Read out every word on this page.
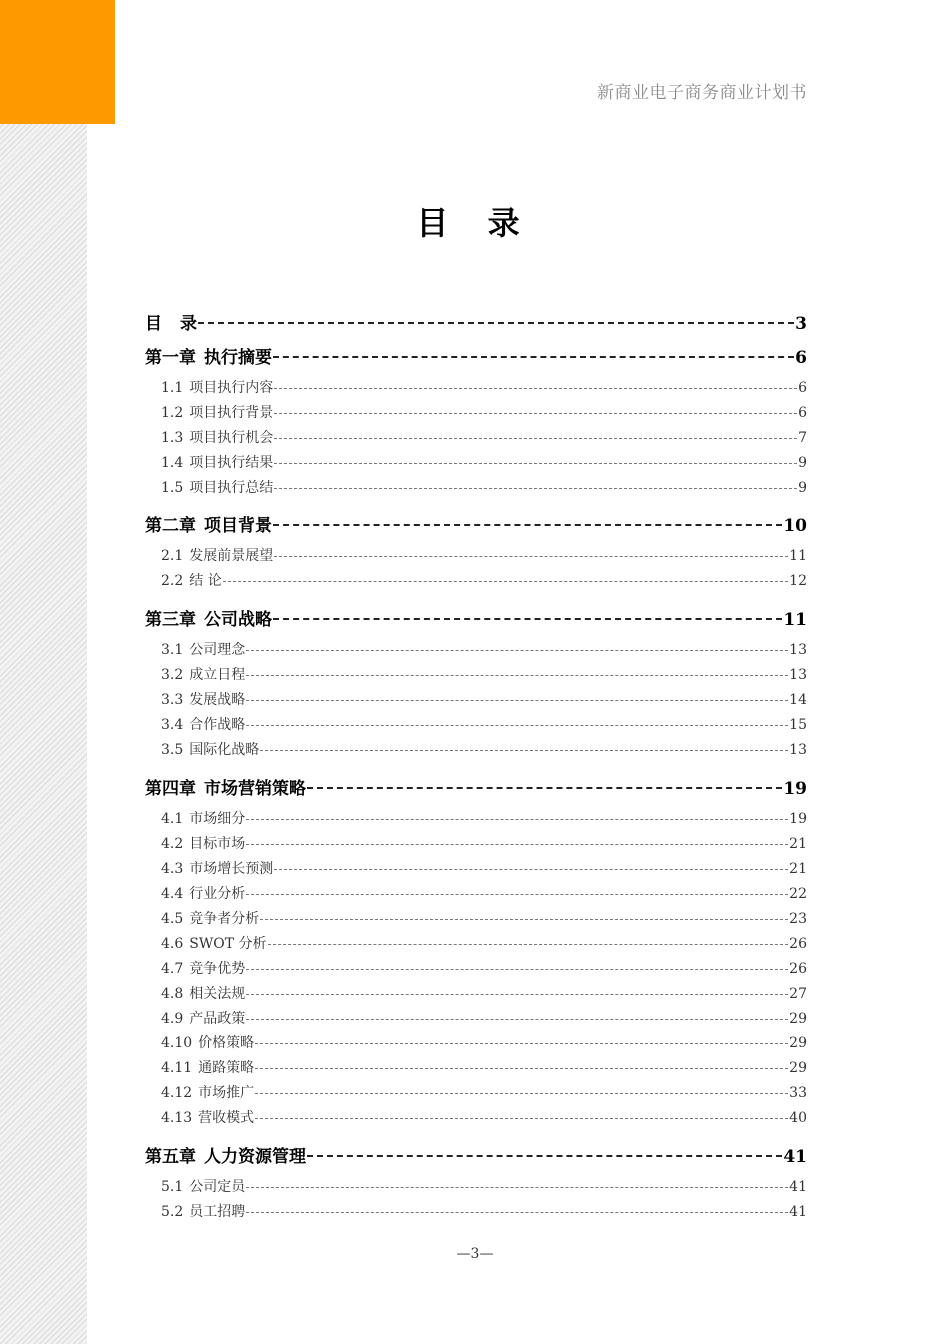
新商业电子商务商业计划书
目 录
目 录	3
第一章 执行摘要	6
1.1 项目执行内容	6
1.2 项目执行背景	6
1.3 项目执行机会	7
1.4 项目执行结果	9
1.5 项目执行总结	9
第二章 项目背景	10
2.1 发展前景展望	11
2.2 结 论	12
第三章 公司战略	11
3.1 公司理念	13
3.2 成立日程	13
3.3 发展战略	14
3.4 合作战略	15
3.5 国际化战略	13
第四章 市场营销策略	19
4.1 市场细分	19
4.2 目标市场	21
4.3 市场增长预测	21
4.4 行业分析	22
4.5 竞争者分析	23
4.6 SWOT 分析	26
4.7 竞争优势	26
4.8 相关法规	27
4.9 产品政策	29
4.10 价格策略	29
4.11 通路策略	29
4.12 市场推广	33
4.13 营收模式	40
第五章 人力资源管理	41
5.1 公司定员	41
5.2 员工招聘	41
—3—
